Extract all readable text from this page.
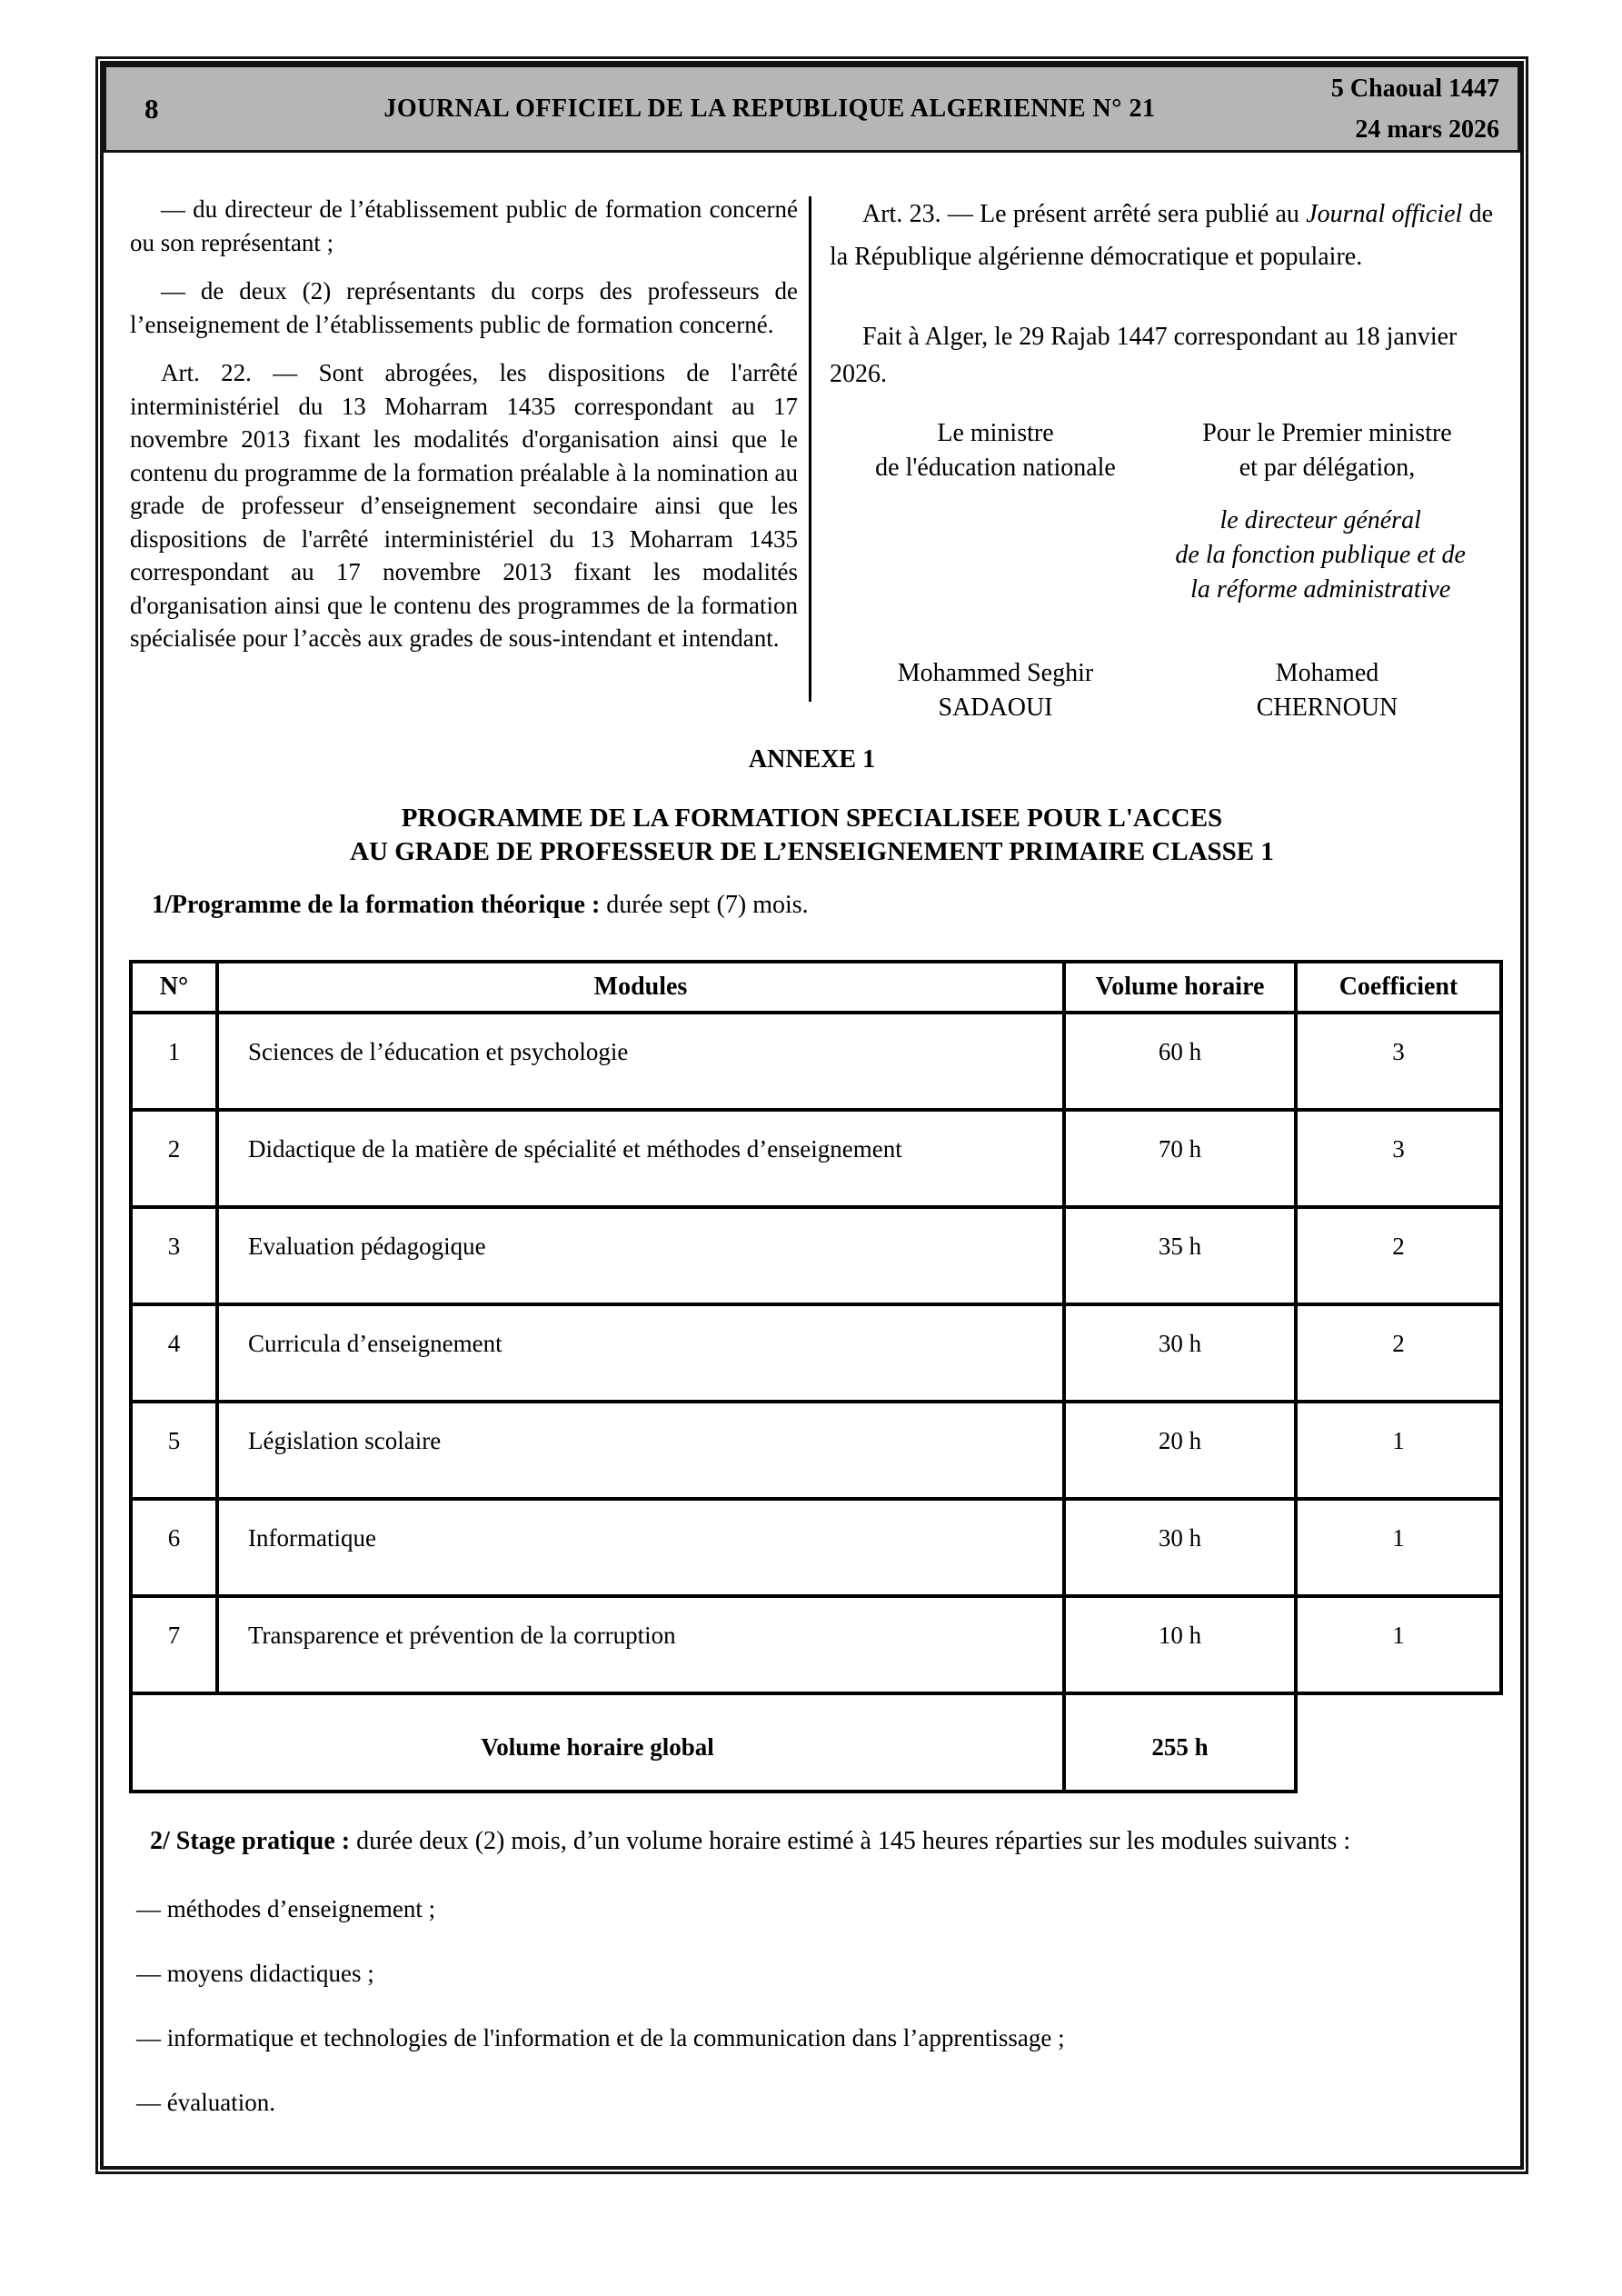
8	JOURNAL OFFICIEL DE LA REPUBLIQUE ALGERIENNE N° 21
5 Chaoual 1447
24 mars 2026

— du directeur de l’établissement public de formation concerné ou son représentant ;

— de deux (2) représentants du corps des professeurs de l’enseignement de l’établissements public de formation concerné.

Art. 22. — Sont abrogées, les dispositions de l'arrêté interministériel du 13 Moharram 1435 correspondant au 17 novembre 2013 fixant les modalités d'organisation ainsi que le contenu du programme de la formation préalable à la nomination au grade de professeur d’enseignement secondaire ainsi que les dispositions de l'arrêté interministériel du 13 Moharram 1435 correspondant au 17 novembre 2013 fixant les modalités d'organisation ainsi que le contenu des programmes de la formation spécialisée pour l’accès aux grades de sous-intendant et intendant.

Art. 23. — Le présent arrêté sera publié au Journal officiel de la République algérienne démocratique et populaire.

Fait à Alger, le 29 Rajab 1447 correspondant au 18 janvier 2026.

Le ministre
de l'éducation nationale
Pour le Premier ministre
et par délégation,
le directeur général
de la fonction publique et de
la réforme administrative
Mohammed Seghir
SADAOUI
Mohamed
CHERNOUN
ANNEXE 1
PROGRAMME DE LA FORMATION SPECIALISEE POUR L'ACCES
AU GRADE DE PROFESSEUR DE L’ENSEIGNEMENT PRIMAIRE CLASSE 1
1/Programme de la formation théorique : durée sept (7) mois.
N°	Modules	Volume horaire	Coefficient
1	Sciences de l’éducation et psychologie	60 h	3
2	Didactique de la matière de spécialité et méthodes d’enseignement	70 h	3
3	Evaluation pédagogique	35 h	2
4	Curricula d’enseignement	30 h	2
5	Législation scolaire	20 h	1
6	Informatique	30 h	1
7	Transparence et prévention de la corruption	10 h	1
Volume horaire global		255 h	
2/ Stage pratique : durée deux (2) mois, d’un volume horaire estimé à 145 heures réparties sur les modules suivants :

— méthodes d’enseignement ;

— moyens didactiques ;

— informatique et technologies de l'information et de la communication dans l’apprentissage ;

— évaluation.
